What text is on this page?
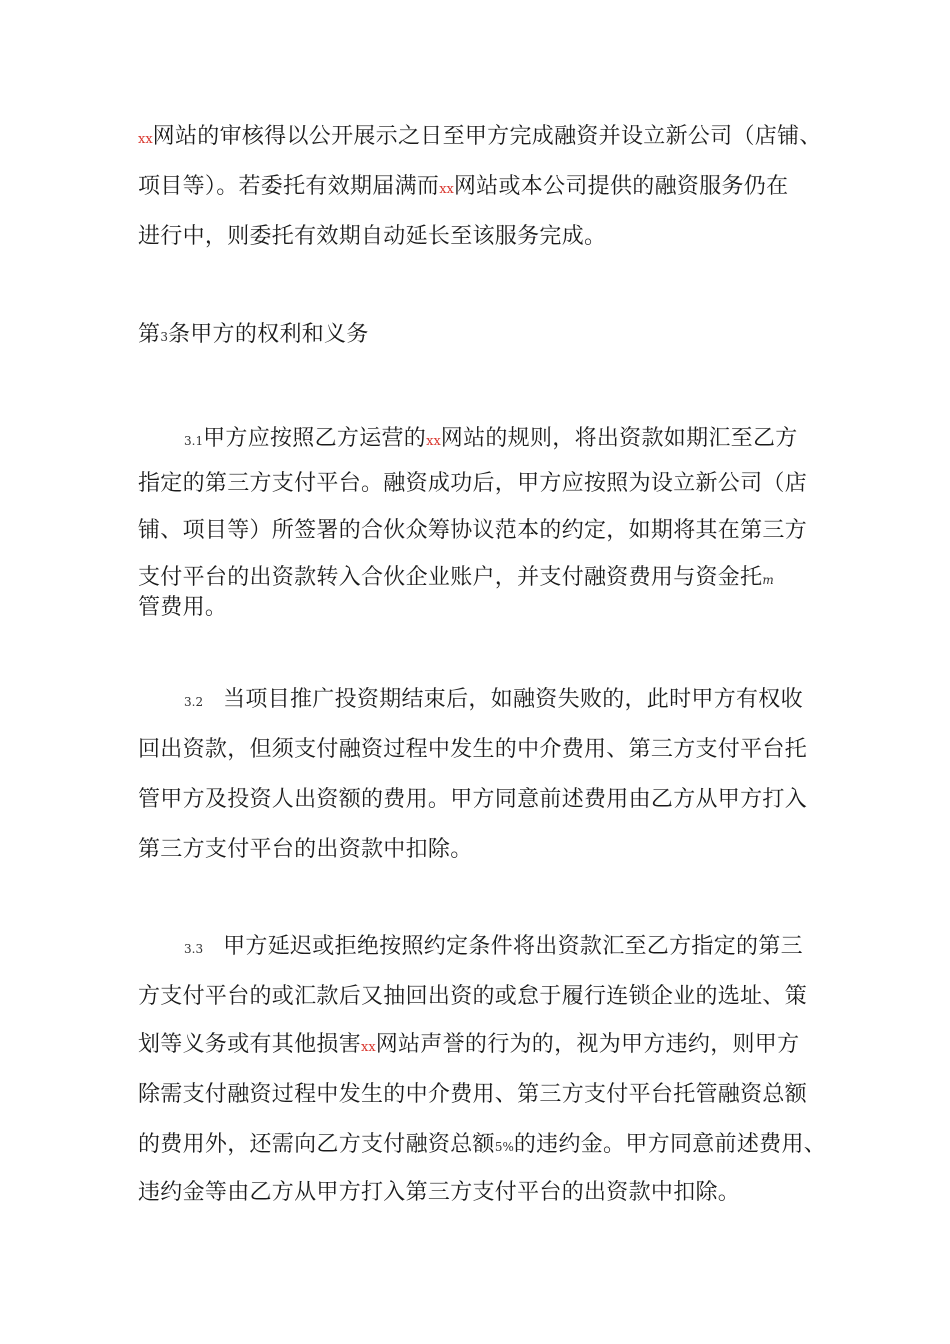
xx网站的审核得以公开展示之日至甲方完成融资并设立新公司（店铺、
项目等）。若委托有效期届满而xx网站或本公司提供的融资服务仍在
进行中，则委托有效期自动延长至该服务完成。
第3条甲方的权利和义务
3.1甲方应按照乙方运营的xx网站的规则，将出资款如期汇至乙方
指定的第三方支付平台。融资成功后，甲方应按照为设立新公司（店
铺、项目等）所签署的合伙众筹协议范本的约定，如期将其在第三方
支付平台的出资款转入合伙企业账户，并支付融资费用与资金托m
管费用。
3.2 当项目推广投资期结束后，如融资失败的，此时甲方有权收
回出资款，但须支付融资过程中发生的中介费用、第三方支付平台托
管甲方及投资人出资额的费用。甲方同意前述费用由乙方从甲方打入
第三方支付平台的出资款中扣除。
3.3 甲方延迟或拒绝按照约定条件将出资款汇至乙方指定的第三
方支付平台的或汇款后又抽回出资的或怠于履行连锁企业的选址、策
划等义务或有其他损害xx网站声誉的行为的，视为甲方违约，则甲方
除需支付融资过程中发生的中介费用、第三方支付平台托管融资总额
的费用外，还需向乙方支付融资总额5%的违约金。甲方同意前述费用、
违约金等由乙方从甲方打入第三方支付平台的出资款中扣除。
